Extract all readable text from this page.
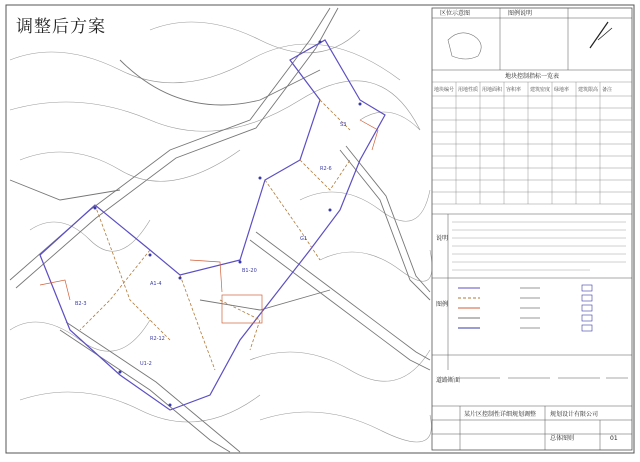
B1-20
R2-6
A1-4
B2-3
R2-12
S3
G1
U1-2
区位示意图	图例说明
地块控制指标一览表
地块编号 用地性质 用地面积 容积率 建筑密度 绿地率 建筑限高 备注
说明
图例
道路断面
某片区控制性详细规划调整 规划设计有限公司
总体图则	01
调整后方案
